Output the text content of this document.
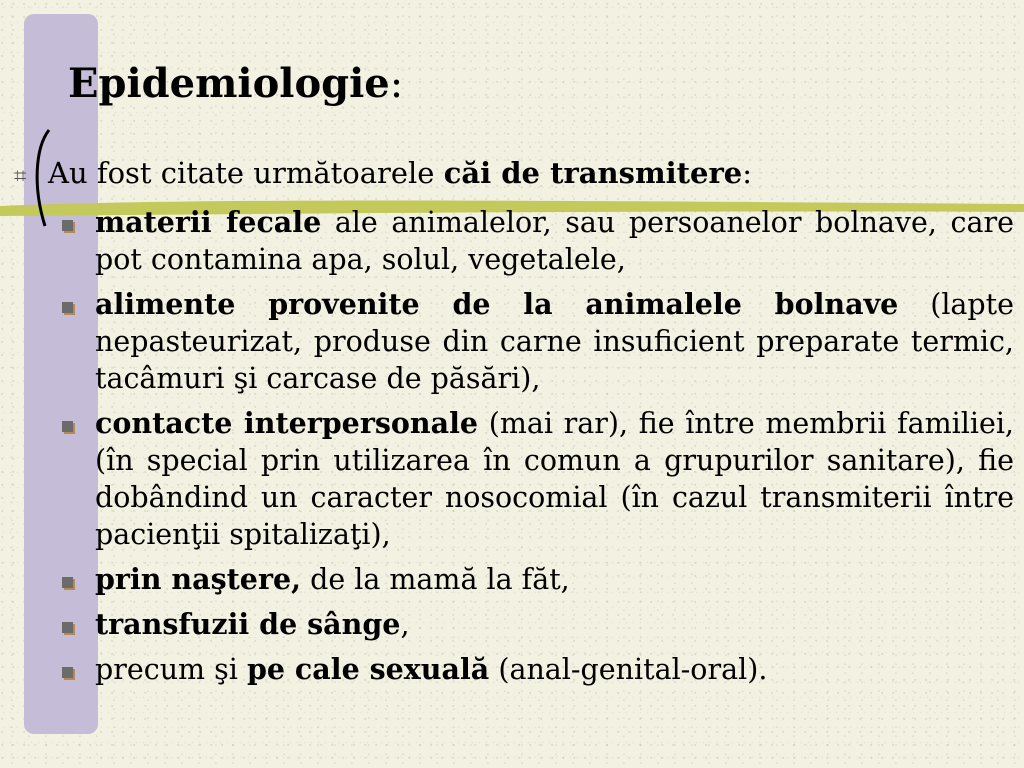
Epidemiologie:
⌗ Au fost citate următoarele căi de transmitere:
materii fecale ale animalelor, sau persoanelor bolnave, care pot contamina apa, solul, vegetalele,
alimente provenite de la animalele bolnave (lapte nepasteurizat, produse din carne insuficient preparate termic, tacâmuri şi carcase de păsări),
contacte interpersonale (mai rar), fie între membrii familiei, (în special prin utilizarea în comun a grupurilor sanitare), fie dobândind un caracter nosocomial (în cazul transmiterii între pacienţii spitalizaţi),
prin naştere, de la mamă la făt,
transfuzii de sânge,
precum şi pe cale sexuală (anal-genital-oral).
